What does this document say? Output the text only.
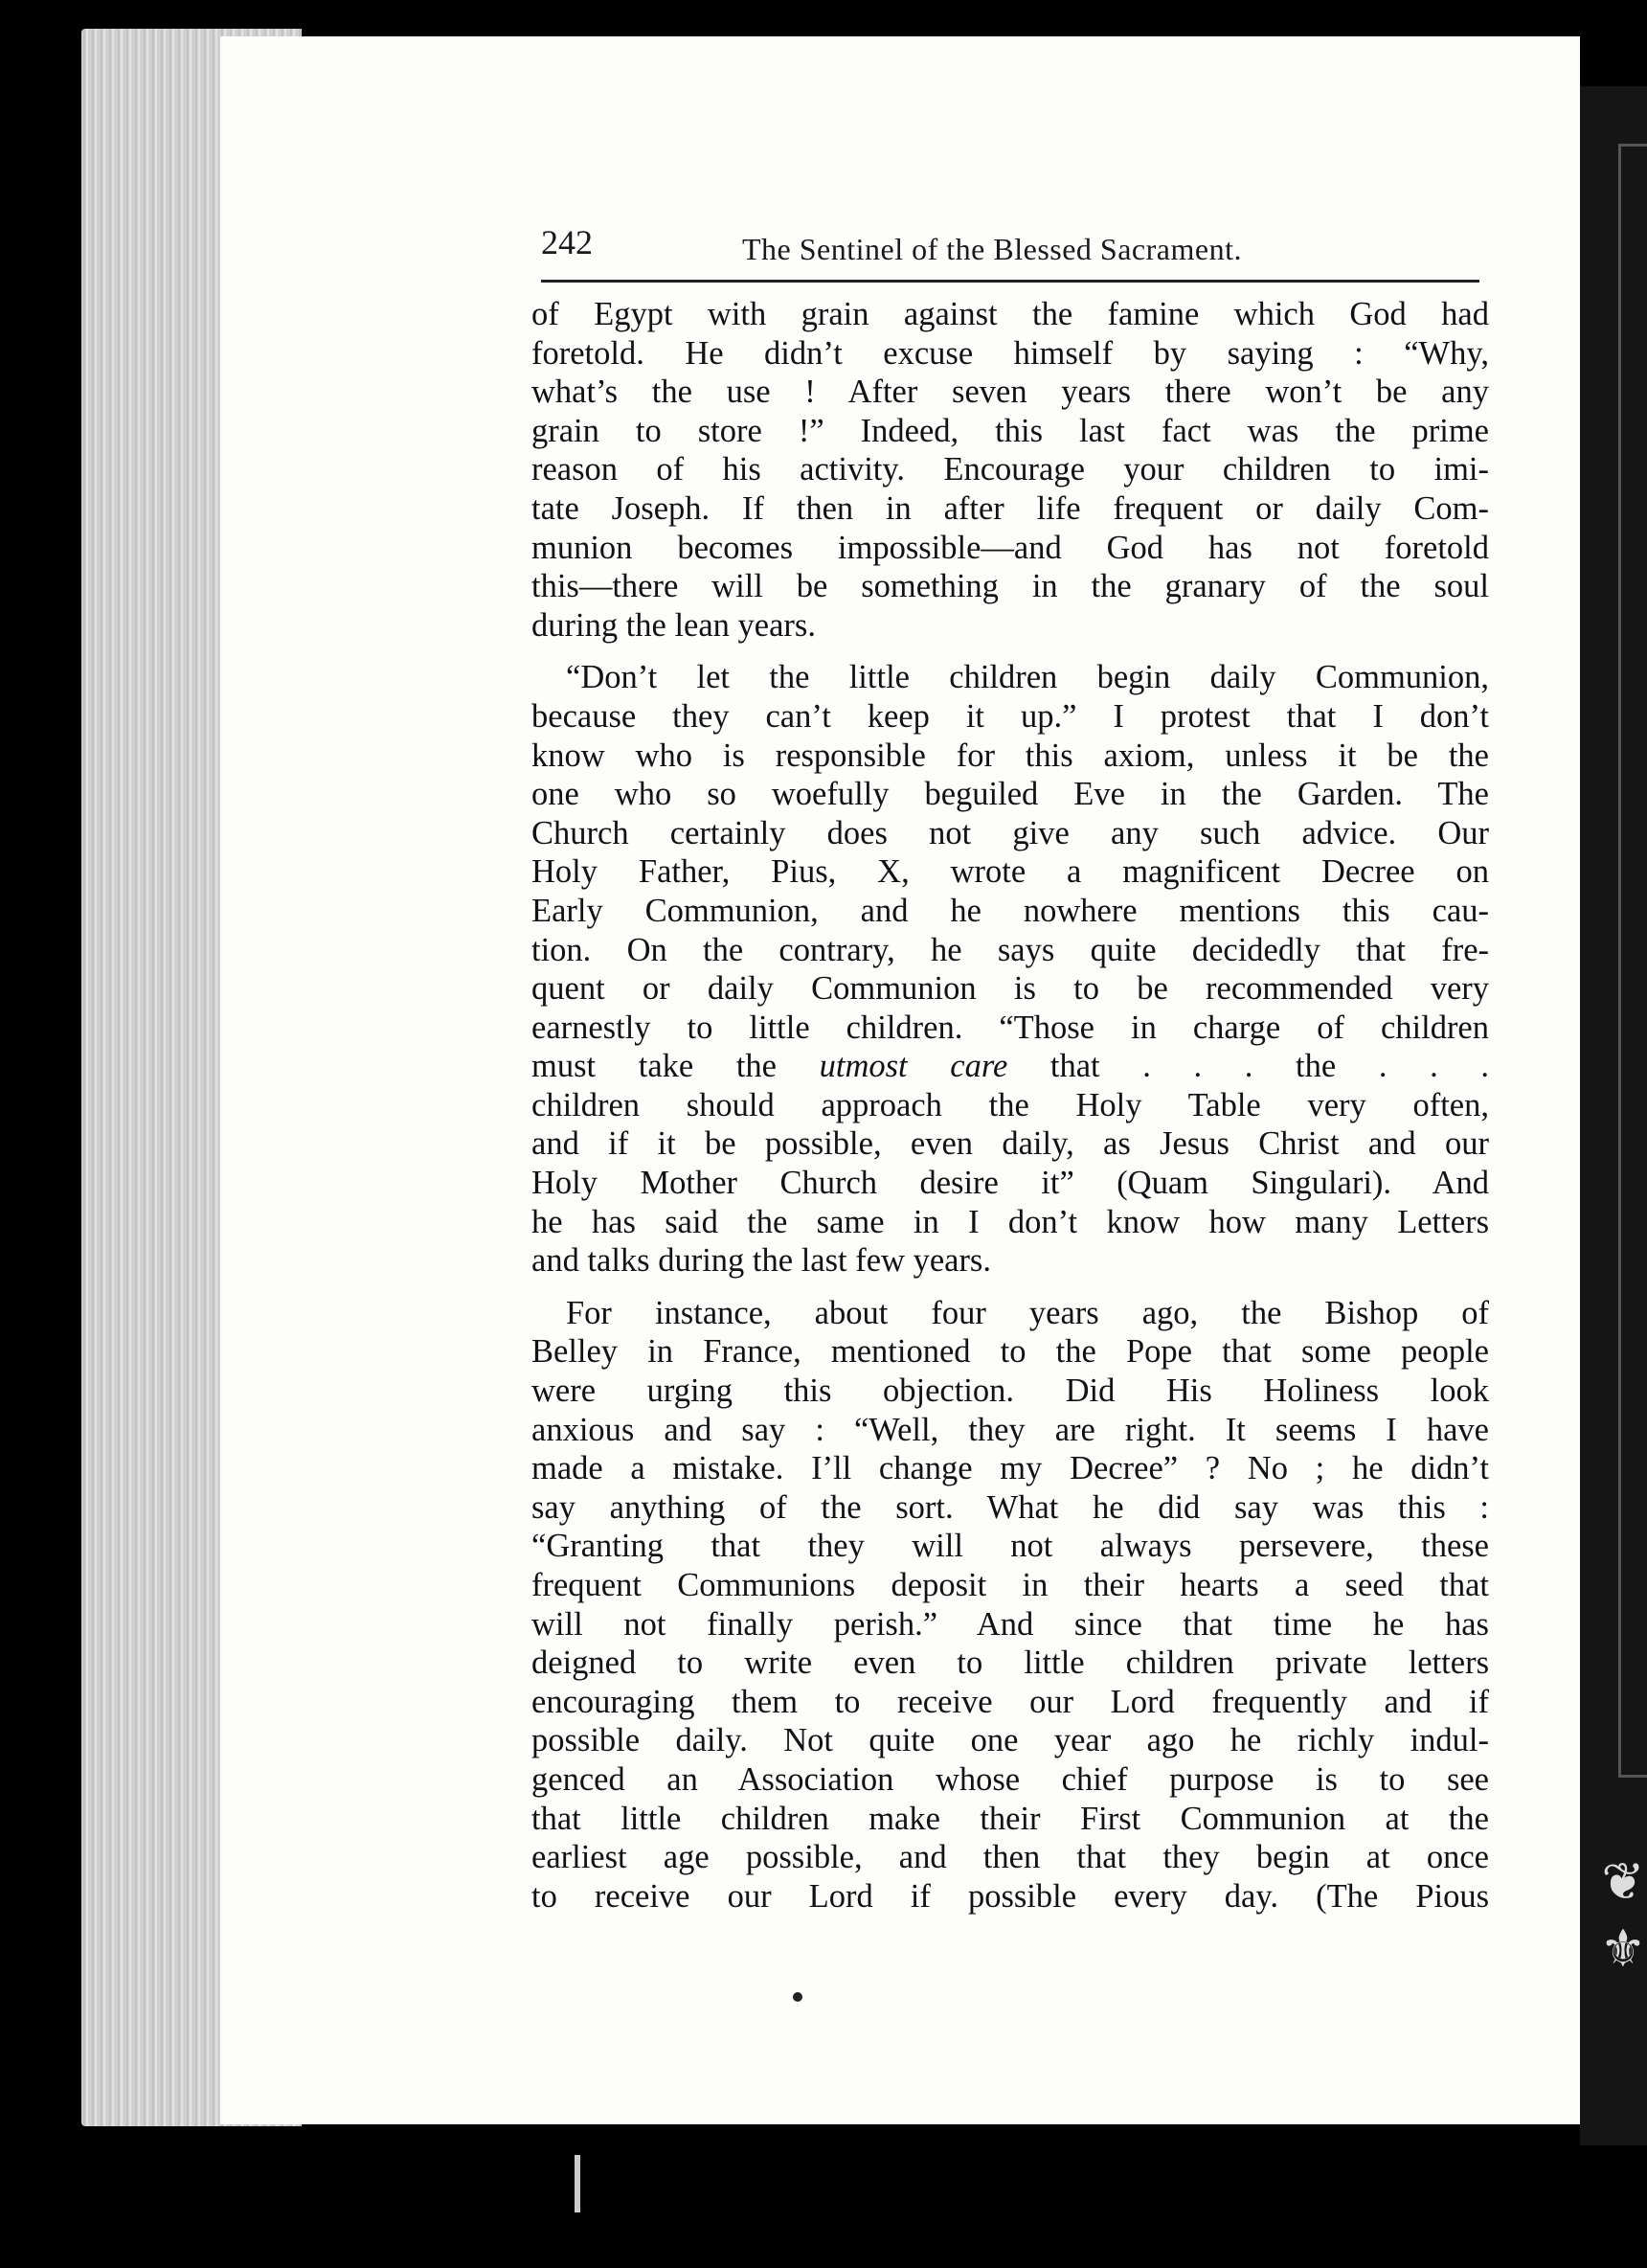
❦
⚜
242	The Sentinel of the Blessed Sacrament.
of Egypt with grain against the famine which God had
foretold. He didn’t excuse himself by saying : “Why,
what’s the use ! After seven years there won’t be any
grain to store !” Indeed, this last fact was the prime
reason of his activity. Encourage your children to imi-
tate Joseph. If then in after life frequent or daily Com-
munion becomes impossible—and God has not foretold
this—there will be something in the granary of the soul
during the lean years.
“Don’t let the little children begin daily Communion,
because they can’t keep it up.” I protest that I don’t
know who is responsible for this axiom, unless it be the
one who so woefully beguiled Eve in the Garden. The
Church certainly does not give any such advice. Our
Holy Father, Pius, X, wrote a magnificent Decree on
Early Communion, and he nowhere mentions this cau-
tion. On the contrary, he says quite decidedly that fre-
quent or daily Communion is to be recommended very
earnestly to little children. “Those in charge of children
must take the utmost care that . . . the . . .
children should approach the Holy Table very often,
and if it be possible, even daily, as Jesus Christ and our
Holy Mother Church desire it” (Quam Singulari). And
he has said the same in I don’t know how many Letters
and talks during the last few years.
For instance, about four years ago, the Bishop of
Belley in France, mentioned to the Pope that some people
were urging this objection. Did His Holiness look
anxious and say : “Well, they are right. It seems I have
made a mistake. I’ll change my Decree” ? No ; he didn’t
say anything of the sort. What he did say was this :
“Granting that they will not always persevere, these
frequent Communions deposit in their hearts a seed that
will not finally perish.” And since that time he has
deigned to write even to little children private letters
encouraging them to receive our Lord frequently and if
possible daily. Not quite one year ago he richly indul-
genced an Association whose chief purpose is to see
that little children make their First Communion at the
earliest age possible, and then that they begin at once
to receive our Lord if possible every day. (The Pious
